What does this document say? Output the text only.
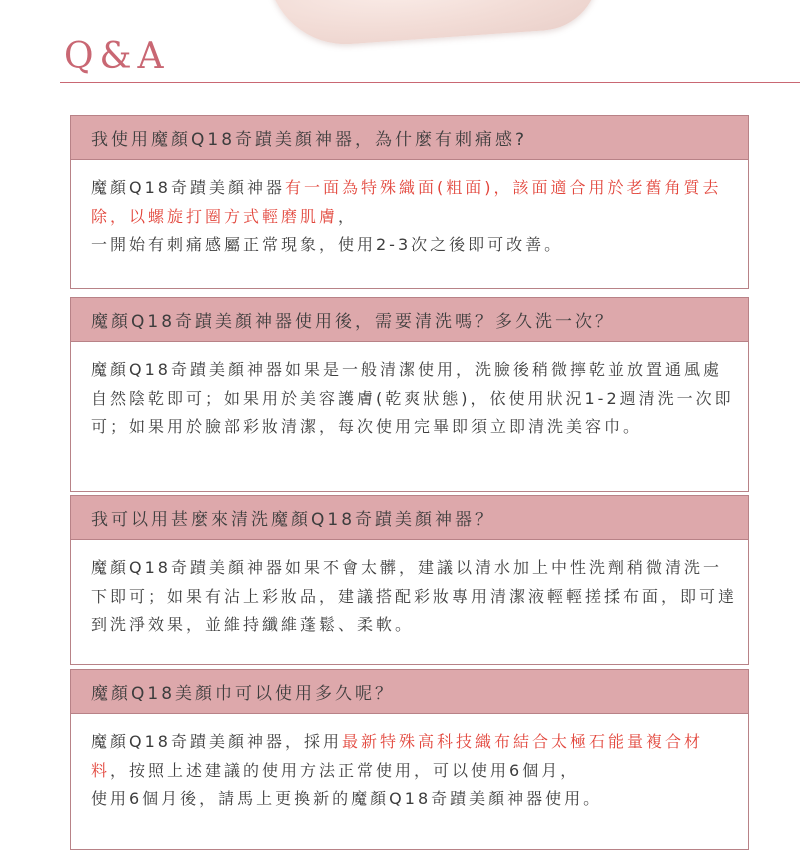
Q&A
我使用魔顏Q18奇蹟美顏神器，為什麼有刺痛感?

魔顏Q18奇蹟美顏神器有一面為特殊織面(粗面)，該面適合用於老舊角質去除，以螺旋打圈方式輕磨肌膚，

一開始有刺痛感屬正常現象，使用2-3次之後即可改善。

魔顏Q18奇蹟美顏神器使用後，需要清洗嗎？多久洗一次？

魔顏Q18奇蹟美顏神器如果是一般清潔使用，洗臉後稍微擰乾並放置通風處自然陰乾即可；如果用於美容護膚(乾爽狀態)，依使用狀況1-2週清洗一次即可；如果用於臉部彩妝清潔，每次使用完畢即須立即清洗美容巾。

我可以用甚麼來清洗魔顏Q18奇蹟美顏神器？

魔顏Q18奇蹟美顏神器如果不會太髒，建議以清水加上中性洗劑稍微清洗一下即可；如果有沾上彩妝品，建議搭配彩妝專用清潔液輕輕搓揉布面，即可達到洗淨效果，並維持纖維蓬鬆、柔軟。

魔顏Q18美顏巾可以使用多久呢？

魔顏Q18奇蹟美顏神器，採用最新特殊高科技織布結合太極石能量複合材料，按照上述建議的使用方法正常使用，可以使用6個月，

使用6個月後，請馬上更換新的魔顏Q18奇蹟美顏神器使用。
